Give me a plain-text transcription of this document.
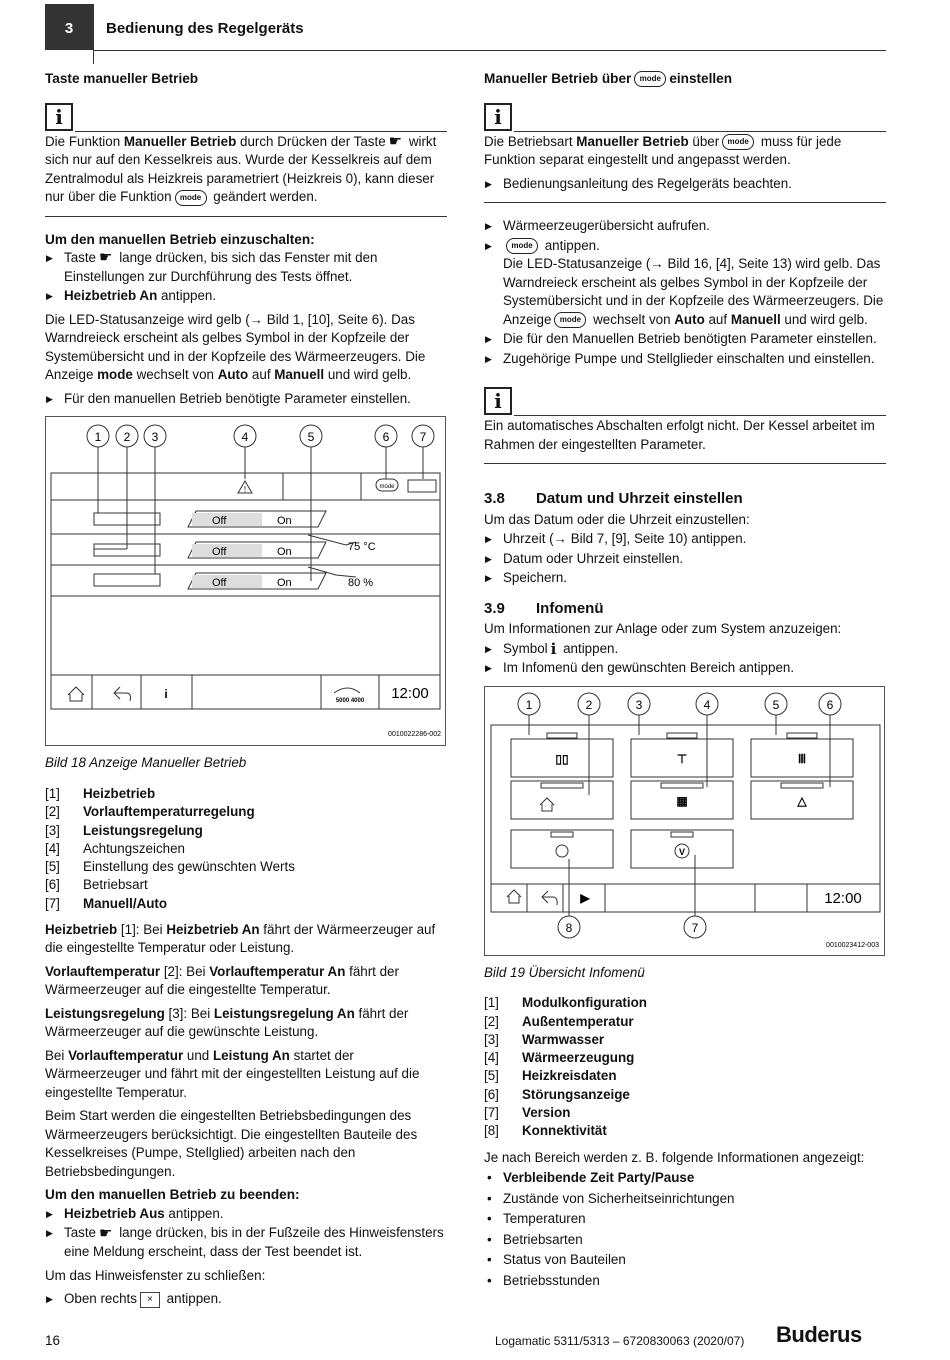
3	Bedienung des Regelgeräts
Taste manueller Betrieb
i

Die Funktion Manueller Betrieb durch Drücken der Taste ☛ wirkt sich nur auf den Kesselkreis aus. Wurde der Kesselkreis auf dem Zentralmodul als Heizkreis parametriert (Heizkreis 0), kann dieser nur über die Funktion mode geändert werden.

Um den manuellen Betrieb einzuschalten:
▶ Taste ☛ lange drücken, bis sich das Fenster mit den Einstellungen zur Durchführung des Tests öffnet.
▶ Heizbetrieb An antippen.

Die LED-Statusanzeige wird gelb (→ Bild 1, [10], Seite 6). Das Warndreieck erscheint als gelbes Symbol in der Kopfzeile der Systemübersicht und in der Kopfzeile des Wärmeerzeugers. Die Anzeige mode wechselt von Auto auf Manuell und wird gelb.

▶ Für den manuellen Betrieb benötigte Parameter einstellen.
1 2 3	4	5	6	7
!	mode
Off	On
Off	On
Off	On
75 °C
80 %
i	5000 4000 12:00
0010022286-002
Bild 18 Anzeige Manueller Betrieb
[1]	Heizbetrieb
[2]	Vorlauftemperaturregelung
[3]	Leistungsregelung
[4]	Achtungszeichen
[5]	Einstellung des gewünschten Werts
[6]	Betriebsart
[7]	Manuell/Auto

Heizbetrieb [1]: Bei Heizbetrieb An fährt der Wärmeerzeuger auf die eingestellte Temperatur oder Leistung.

Vorlauftemperatur [2]: Bei Vorlauftemperatur An fährt der Wärmeerzeuger auf die eingestellte Temperatur.

Leistungsregelung [3]: Bei Leistungsregelung An fährt der Wärmeerzeuger auf die gewünschte Leistung.

Bei Vorlauftemperatur und Leistung An startet der Wärmeerzeuger und fährt mit der eingestellten Leistung auf die eingestellte Temperatur.

Beim Start werden die eingestellten Betriebsbedingungen des Wärmeerzeugers berücksichtigt. Die eingestellten Bauteile des Kesselkreises (Pumpe, Stellglied) arbeiten nach den Betriebsbedingungen.

Um den manuellen Betrieb zu beenden:
▶ Heizbetrieb Aus antippen.
▶ Taste ☛ lange drücken, bis in der Fußzeile des Hinweisfensters eine Meldung erscheint, dass der Test beendet ist.

Um das Hinweisfenster zu schließen:

▶ Oben rechts × antippen.
Manueller Betrieb über mode einstellen
i

Die Betriebsart Manueller Betrieb über mode muss für jede Funktion separat eingestellt und angepasst werden.

▶ Bedienungsanleitung des Regelgeräts beachten.
▶ Wärmeerzeugerübersicht aufrufen.
▶ mode antippen.
Die LED-Statusanzeige (→ Bild 16, [4], Seite 13) wird gelb. Das Warndreieck erscheint als gelbes Symbol in der Kopfzeile der Systemübersicht und in der Kopfzeile des Wärmeerzeugers. Die Anzeige mode wechselt von Auto auf Manuell und wird gelb.
▶ Die für den Manuellen Betrieb benötigten Parameter einstellen.
▶ Zugehörige Pumpe und Stellglieder einschalten und einstellen.
i

Ein automatisches Abschalten erfolgt nicht. Der Kessel arbeitet im Rahmen der eingestellten Parameter.

3.8 Datum und Uhrzeit einstellen

Um das Datum oder die Uhrzeit einzustellen:

▶ Uhrzeit (→ Bild 7, [9], Seite 10) antippen.
▶ Datum oder Uhrzeit einstellen.
▶ Speichern.
3.9 Infomenü

Um Informationen zur Anlage oder zum System anzuzeigen:

▶ Symbol i antippen.
▶ Im Infomenü den gewünschten Bereich antippen.
1	2	3	4	5	6
8	7
▯▯	⊤	Ⅲ
▦	△
V
▶	12:00
0010023412-003
Bild 19 Übersicht Infomenü
[1]	Modulkonfiguration
[2]	Außentemperatur
[3]	Warmwasser
[4]	Wärmeerzeugung
[5]	Heizkreisdaten
[6]	Störungsanzeige
[7]	Version
[8]	Konnektivität

Je nach Bereich werden z. B. folgende Informationen angezeigt:

• Verbleibende Zeit Party/Pause
• Zustände von Sicherheitseinrichtungen
• Temperaturen
• Betriebsarten
• Status von Bauteilen
• Betriebsstunden
16	Logamatic 5311/5313 – 6720830063 (2020/07) Buderus
